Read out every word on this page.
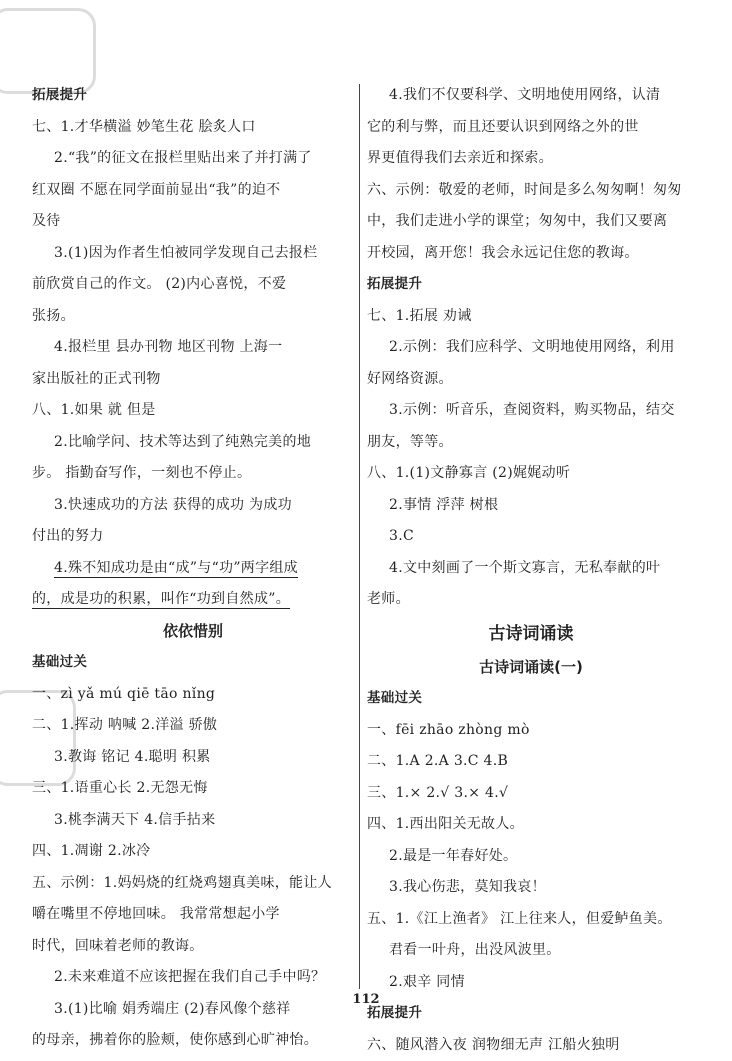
拓展提升
七、1.才华横溢 妙笔生花 脍炙人口
2.“我”的征文在报栏里贴出来了并打满了
红双圈 不愿在同学面前显出“我”的迫不
及待
3.(1)因为作者生怕被同学发现自己去报栏
前欣赏自己的作文。 (2)内心喜悦，不爱
张扬。
4.报栏里 县办刊物 地区刊物 上海一
家出版社的正式刊物
八、1.如果 就 但是
2.比喻学问、技术等达到了纯熟完美的地
步。 指勤奋写作，一刻也不停止。
3.快速成功的方法 获得的成功 为成功
付出的努力
4.殊不知成功是由“成”与“功”两字组成
的，成是功的积累，叫作“功到自然成”。
依依惜别
基础过关
一、zì yǎ mú qiē tāo nǐng
二、1.挥动 呐喊 2.洋溢 骄傲
3.教诲 铭记 4.聪明 积累
三、1.语重心长 2.无怨无悔
3.桃李满天下 4.信手拈来
四、1.凋谢 2.冰冷
五、示例：1.妈妈烧的红烧鸡翅真美味，能让人
嚼在嘴里不停地回味。 我常常想起小学
时代，回味着老师的教诲。
2.未来难道不应该把握在我们自己手中吗？
3.(1)比喻 娟秀端庄 (2)春风像个慈祥
的母亲，拂着你的脸颊，使你感到心旷神怡。
4.我们不仅要科学、文明地使用网络，认清
它的利与弊，而且还要认识到网络之外的世
界更值得我们去亲近和探索。
六、示例：敬爱的老师，时间是多么匆匆啊！匆匆
中，我们走进小学的课堂；匆匆中，我们又要离
开校园，离开您！我会永远记住您的教诲。
拓展提升
七、1.拓展 劝诫
2.示例：我们应科学、文明地使用网络，利用
好网络资源。
3.示例：听音乐，查阅资料，购买物品，结交
朋友，等等。
八、1.(1)文静寡言 (2)娓娓动听
2.事情 浮萍 树根
3.C
4.文中刻画了一个斯文寡言，无私奉献的叶
老师。
古诗词诵读
古诗词诵读(一)
基础过关
一、fēi zhāo zhòng mò
二、1.A 2.A 3.C 4.B
三、1.× 2.√ 3.× 4.√
四、1.西出阳关无故人。
2.最是一年春好处。
3.我心伤悲，莫知我哀！
五、1.《江上渔者》 江上往来人，但爱鲈鱼美。
君看一叶舟，出没风波里。
2.艰辛 同情
拓展提升
六、随风潜入夜 润物细无声 江船火独明
112
